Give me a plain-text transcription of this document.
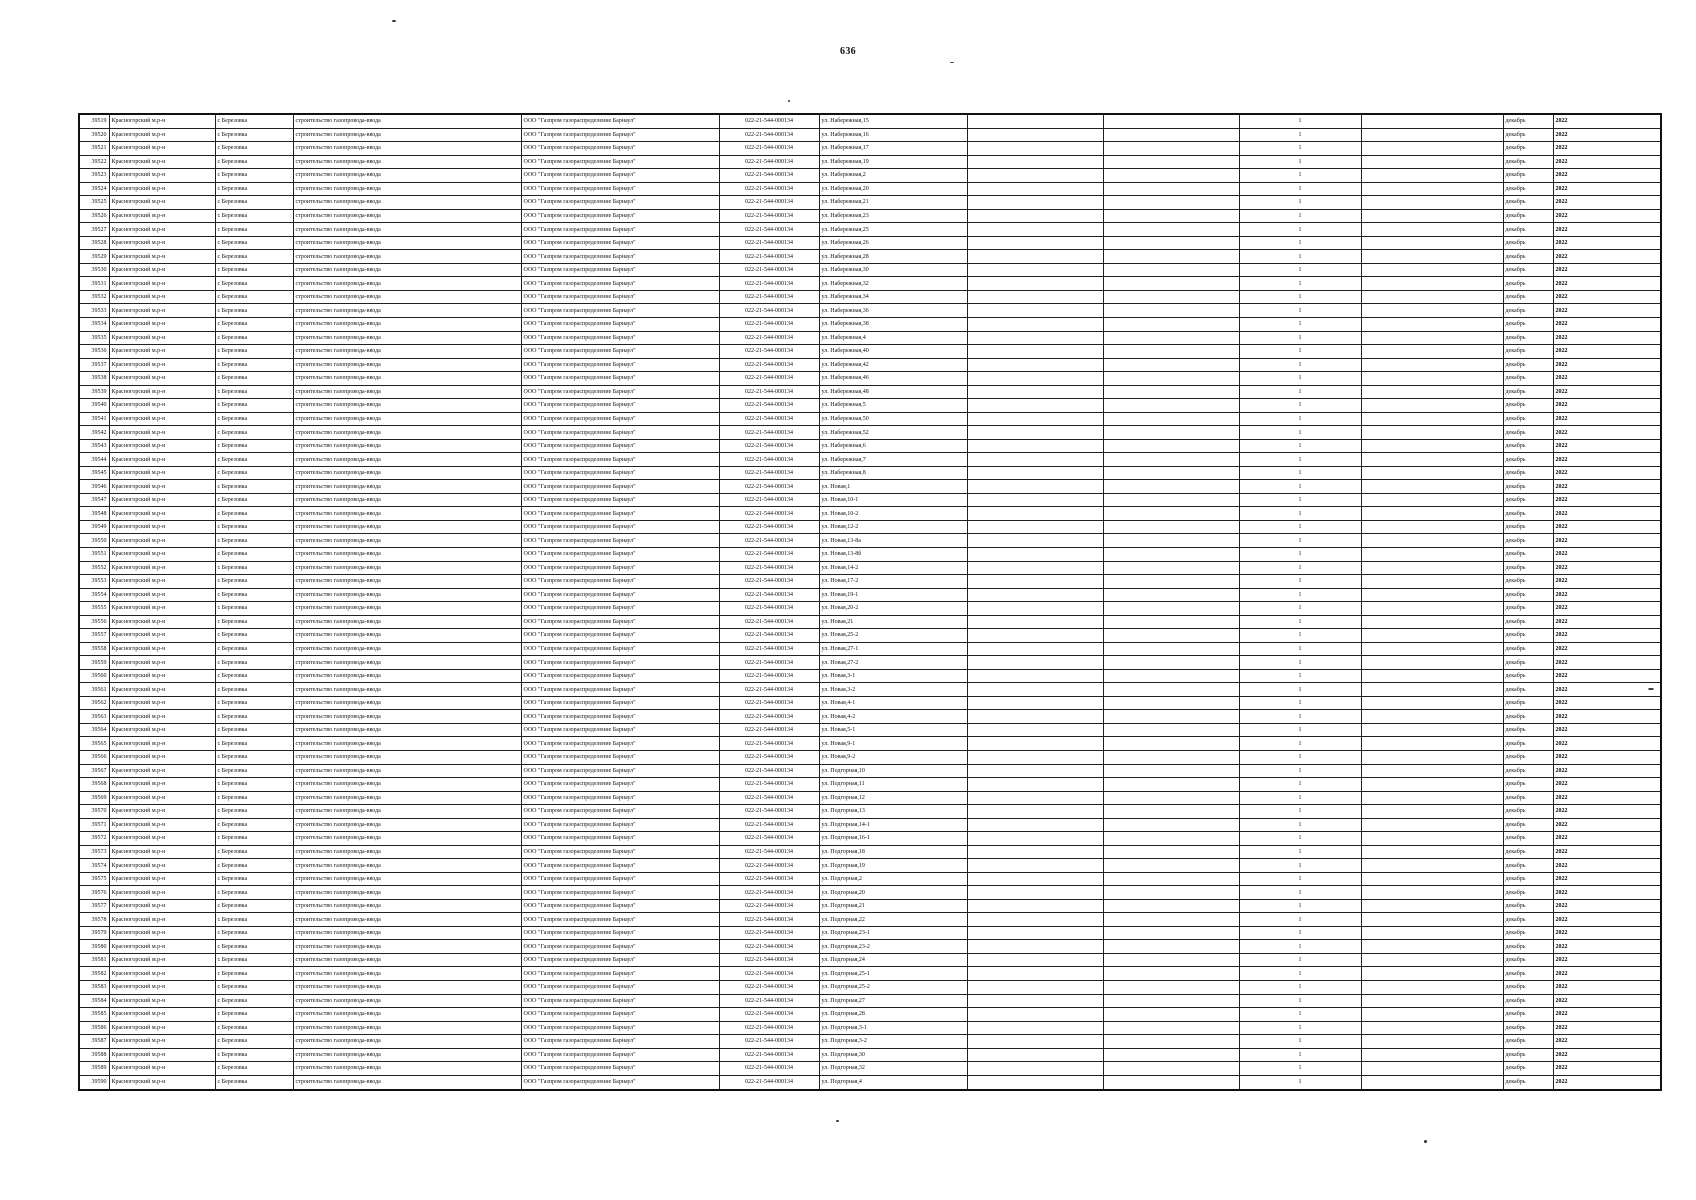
636
39519	Красногорский м.р-н	с Березовка	строительство газопровода-ввода	ООО "Газпром газораспределение Барнаул"	022-21-544-000134	ул. Набережная,15			1		декабрь	2022
39520	Красногорский м.р-н	с Березовка	строительство газопровода-ввода	ООО "Газпром газораспределение Барнаул"	022-21-544-000134	ул. Набережная,16			1		декабрь	2022
39521	Красногорский м.р-н	с Березовка	строительство газопровода-ввода	ООО "Газпром газораспределение Барнаул"	022-21-544-000134	ул. Набережная,17			1		декабрь	2022
39522	Красногорский м.р-н	с Березовка	строительство газопровода-ввода	ООО "Газпром газораспределение Барнаул"	022-21-544-000134	ул. Набережная,19			1		декабрь	2022
39523	Красногорский м.р-н	с Березовка	строительство газопровода-ввода	ООО "Газпром газораспределение Барнаул"	022-21-544-000134	ул. Набережная,2			1		декабрь	2022
39524	Красногорский м.р-н	с Березовка	строительство газопровода-ввода	ООО "Газпром газораспределение Барнаул"	022-21-544-000134	ул. Набережная,20			1		декабрь	2022
39525	Красногорский м.р-н	с Березовка	строительство газопровода-ввода	ООО "Газпром газораспределение Барнаул"	022-21-544-000134	ул. Набережная,21			1		декабрь	2022
39526	Красногорский м.р-н	с Березовка	строительство газопровода-ввода	ООО "Газпром газораспределение Барнаул"	022-21-544-000134	ул. Набережная,23			1		декабрь	2022
39527	Красногорский м.р-н	с Березовка	строительство газопровода-ввода	ООО "Газпром газораспределение Барнаул"	022-21-544-000134	ул. Набережная,25			1		декабрь	2022
39528	Красногорский м.р-н	с Березовка	строительство газопровода-ввода	ООО "Газпром газораспределение Барнаул"	022-21-544-000134	ул. Набережная,26			1		декабрь	2022
39529	Красногорский м.р-н	с Березовка	строительство газопровода-ввода	ООО "Газпром газораспределение Барнаул"	022-21-544-000134	ул. Набережная,28			1		декабрь	2022
39530	Красногорский м.р-н	с Березовка	строительство газопровода-ввода	ООО "Газпром газораспределение Барнаул"	022-21-544-000134	ул. Набережная,30			1		декабрь	2022
39531	Красногорский м.р-н	с Березовка	строительство газопровода-ввода	ООО "Газпром газораспределение Барнаул"	022-21-544-000134	ул. Набережная,32			1		декабрь	2022
39532	Красногорский м.р-н	с Березовка	строительство газопровода-ввода	ООО "Газпром газораспределение Барнаул"	022-21-544-000134	ул. Набережная,34			1		декабрь	2022
39533	Красногорский м.р-н	с Березовка	строительство газопровода-ввода	ООО "Газпром газораспределение Барнаул"	022-21-544-000134	ул. Набережная,36			1		декабрь	2022
39534	Красногорский м.р-н	с Березовка	строительство газопровода-ввода	ООО "Газпром газораспределение Барнаул"	022-21-544-000134	ул. Набережная,38			1		декабрь	2022
39535	Красногорский м.р-н	с Березовка	строительство газопровода-ввода	ООО "Газпром газораспределение Барнаул"	022-21-544-000134	ул. Набережная,4			1		декабрь	2022
39536	Красногорский м.р-н	с Березовка	строительство газопровода-ввода	ООО "Газпром газораспределение Барнаул"	022-21-544-000134	ул. Набережная,40			1		декабрь	2022
39537	Красногорский м.р-н	с Березовка	строительство газопровода-ввода	ООО "Газпром газораспределение Барнаул"	022-21-544-000134	ул. Набережная,42			1		декабрь	2022
39538	Красногорский м.р-н	с Березовка	строительство газопровода-ввода	ООО "Газпром газораспределение Барнаул"	022-21-544-000134	ул. Набережная,46			1		декабрь	2022
39539	Красногорский м.р-н	с Березовка	строительство газопровода-ввода	ООО "Газпром газораспределение Барнаул"	022-21-544-000134	ул. Набережная,48			1		декабрь	2022
39540	Красногорский м.р-н	с Березовка	строительство газопровода-ввода	ООО "Газпром газораспределение Барнаул"	022-21-544-000134	ул. Набережная,5			1		декабрь	2022
39541	Красногорский м.р-н	с Березовка	строительство газопровода-ввода	ООО "Газпром газораспределение Барнаул"	022-21-544-000134	ул. Набережная,50			1		декабрь	2022
39542	Красногорский м.р-н	с Березовка	строительство газопровода-ввода	ООО "Газпром газораспределение Барнаул"	022-21-544-000134	ул. Набережная,52			1		декабрь	2022
39543	Красногорский м.р-н	с Березовка	строительство газопровода-ввода	ООО "Газпром газораспределение Барнаул"	022-21-544-000134	ул. Набережная,6			1		декабрь	2022
39544	Красногорский м.р-н	с Березовка	строительство газопровода-ввода	ООО "Газпром газораспределение Барнаул"	022-21-544-000134	ул. Набережная,7			1		декабрь	2022
39545	Красногорский м.р-н	с Березовка	строительство газопровода-ввода	ООО "Газпром газораспределение Барнаул"	022-21-544-000134	ул. Набережная,8			1		декабрь	2022
39546	Красногорский м.р-н	с Березовка	строительство газопровода-ввода	ООО "Газпром газораспределение Барнаул"	022-21-544-000134	ул. Новая,1			1		декабрь	2022
39547	Красногорский м.р-н	с Березовка	строительство газопровода-ввода	ООО "Газпром газораспределение Барнаул"	022-21-544-000134	ул. Новая,10-1			1		декабрь	2022
39548	Красногорский м.р-н	с Березовка	строительство газопровода-ввода	ООО "Газпром газораспределение Барнаул"	022-21-544-000134	ул. Новая,10-2			1		декабрь	2022
39549	Красногорский м.р-н	с Березовка	строительство газопровода-ввода	ООО "Газпром газораспределение Барнаул"	022-21-544-000134	ул. Новая,12-2			1		декабрь	2022
39550	Красногорский м.р-н	с Березовка	строительство газопровода-ввода	ООО "Газпром газораспределение Барнаул"	022-21-544-000134	ул. Новая,13-8а			1		декабрь	2022
39551	Красногорский м.р-н	с Березовка	строительство газопровода-ввода	ООО "Газпром газораспределение Барнаул"	022-21-544-000134	ул. Новая,13-8б			1		декабрь	2022
39552	Красногорский м.р-н	с Березовка	строительство газопровода-ввода	ООО "Газпром газораспределение Барнаул"	022-21-544-000134	ул. Новая,14-2			1		декабрь	2022
39553	Красногорский м.р-н	с Березовка	строительство газопровода-ввода	ООО "Газпром газораспределение Барнаул"	022-21-544-000134	ул. Новая,17-2			1		декабрь	2022
39554	Красногорский м.р-н	с Березовка	строительство газопровода-ввода	ООО "Газпром газораспределение Барнаул"	022-21-544-000134	ул. Новая,19-1			1		декабрь	2022
39555	Красногорский м.р-н	с Березовка	строительство газопровода-ввода	ООО "Газпром газораспределение Барнаул"	022-21-544-000134	ул. Новая,20-2			1		декабрь	2022
39556	Красногорский м.р-н	с Березовка	строительство газопровода-ввода	ООО "Газпром газораспределение Барнаул"	022-21-544-000134	ул. Новая,21			1		декабрь	2022
39557	Красногорский м.р-н	с Березовка	строительство газопровода-ввода	ООО "Газпром газораспределение Барнаул"	022-21-544-000134	ул. Новая,25-2			1		декабрь	2022
39558	Красногорский м.р-н	с Березовка	строительство газопровода-ввода	ООО "Газпром газораспределение Барнаул"	022-21-544-000134	ул. Новая,27-1			1		декабрь	2022
39559	Красногорский м.р-н	с Березовка	строительство газопровода-ввода	ООО "Газпром газораспределение Барнаул"	022-21-544-000134	ул. Новая,27-2			1		декабрь	2022
39560	Красногорский м.р-н	с Березовка	строительство газопровода-ввода	ООО "Газпром газораспределение Барнаул"	022-21-544-000134	ул. Новая,3-1			1		декабрь	2022
39561	Красногорский м.р-н	с Березовка	строительство газопровода-ввода	ООО "Газпром газораспределение Барнаул"	022-21-544-000134	ул. Новая,3-2			1		декабрь	2022
39562	Красногорский м.р-н	с Березовка	строительство газопровода-ввода	ООО "Газпром газораспределение Барнаул"	022-21-544-000134	ул. Новая,4-1			1		декабрь	2022
39563	Красногорский м.р-н	с Березовка	строительство газопровода-ввода	ООО "Газпром газораспределение Барнаул"	022-21-544-000134	ул. Новая,4-2			1		декабрь	2022
39564	Красногорский м.р-н	с Березовка	строительство газопровода-ввода	ООО "Газпром газораспределение Барнаул"	022-21-544-000134	ул. Новая,5-1			1		декабрь	2022
39565	Красногорский м.р-н	с Березовка	строительство газопровода-ввода	ООО "Газпром газораспределение Барнаул"	022-21-544-000134	ул. Новая,9-1			1		декабрь	2022
39566	Красногорский м.р-н	с Березовка	строительство газопровода-ввода	ООО "Газпром газораспределение Барнаул"	022-21-544-000134	ул. Новая,9-2			1		декабрь	2022
39567	Красногорский м.р-н	с Березовка	строительство газопровода-ввода	ООО "Газпром газораспределение Барнаул"	022-21-544-000134	ул. Подгорная,10			1		декабрь	2022
39568	Красногорский м.р-н	с Березовка	строительство газопровода-ввода	ООО "Газпром газораспределение Барнаул"	022-21-544-000134	ул. Подгорная,11			1		декабрь	2022
39569	Красногорский м.р-н	с Березовка	строительство газопровода-ввода	ООО "Газпром газораспределение Барнаул"	022-21-544-000134	ул. Подгорная,12			1		декабрь	2022
39570	Красногорский м.р-н	с Березовка	строительство газопровода-ввода	ООО "Газпром газораспределение Барнаул"	022-21-544-000134	ул. Подгорная,13			1		декабрь	2022
39571	Красногорский м.р-н	с Березовка	строительство газопровода-ввода	ООО "Газпром газораспределение Барнаул"	022-21-544-000134	ул. Подгорная,14-1			1		декабрь	2022
39572	Красногорский м.р-н	с Березовка	строительство газопровода-ввода	ООО "Газпром газораспределение Барнаул"	022-21-544-000134	ул. Подгорная,16-1			1		декабрь	2022
39573	Красногорский м.р-н	с Березовка	строительство газопровода-ввода	ООО "Газпром газораспределение Барнаул"	022-21-544-000134	ул. Подгорная,18			1		декабрь	2022
39574	Красногорский м.р-н	с Березовка	строительство газопровода-ввода	ООО "Газпром газораспределение Барнаул"	022-21-544-000134	ул. Подгорная,19			1		декабрь	2022
39575	Красногорский м.р-н	с Березовка	строительство газопровода-ввода	ООО "Газпром газораспределение Барнаул"	022-21-544-000134	ул. Подгорная,2			1		декабрь	2022
39576	Красногорский м.р-н	с Березовка	строительство газопровода-ввода	ООО "Газпром газораспределение Барнаул"	022-21-544-000134	ул. Подгорная,20			1		декабрь	2022
39577	Красногорский м.р-н	с Березовка	строительство газопровода-ввода	ООО "Газпром газораспределение Барнаул"	022-21-544-000134	ул. Подгорная,21			1		декабрь	2022
39578	Красногорский м.р-н	с Березовка	строительство газопровода-ввода	ООО "Газпром газораспределение Барнаул"	022-21-544-000134	ул. Подгорная,22			1		декабрь	2022
39579	Красногорский м.р-н	с Березовка	строительство газопровода-ввода	ООО "Газпром газораспределение Барнаул"	022-21-544-000134	ул. Подгорная,23-1			1		декабрь	2022
39580	Красногорский м.р-н	с Березовка	строительство газопровода-ввода	ООО "Газпром газораспределение Барнаул"	022-21-544-000134	ул. Подгорная,23-2			1		декабрь	2022
39581	Красногорский м.р-н	с Березовка	строительство газопровода-ввода	ООО "Газпром газораспределение Барнаул"	022-21-544-000134	ул. Подгорная,24			1		декабрь	2022
39582	Красногорский м.р-н	с Березовка	строительство газопровода-ввода	ООО "Газпром газораспределение Барнаул"	022-21-544-000134	ул. Подгорная,25-1			1		декабрь	2022
39583	Красногорский м.р-н	с Березовка	строительство газопровода-ввода	ООО "Газпром газораспределение Барнаул"	022-21-544-000134	ул. Подгорная,25-2			1		декабрь	2022
39584	Красногорский м.р-н	с Березовка	строительство газопровода-ввода	ООО "Газпром газораспределение Барнаул"	022-21-544-000134	ул. Подгорная,27			1		декабрь	2022
39585	Красногорский м.р-н	с Березовка	строительство газопровода-ввода	ООО "Газпром газораспределение Барнаул"	022-21-544-000134	ул. Подгорная,28			1		декабрь	2022
39586	Красногорский м.р-н	с Березовка	строительство газопровода-ввода	ООО "Газпром газораспределение Барнаул"	022-21-544-000134	ул. Подгорная,3-1			1		декабрь	2022
39587	Красногорский м.р-н	с Березовка	строительство газопровода-ввода	ООО "Газпром газораспределение Барнаул"	022-21-544-000134	ул. Подгорная,3-2			1		декабрь	2022
39588	Красногорский м.р-н	с Березовка	строительство газопровода-ввода	ООО "Газпром газораспределение Барнаул"	022-21-544-000134	ул. Подгорная,30			1		декабрь	2022
39589	Красногорский м.р-н	с Березовка	строительство газопровода-ввода	ООО "Газпром газораспределение Барнаул"	022-21-544-000134	ул. Подгорная,32			1		декабрь	2022
39590	Красногорский м.р-н	с Березовка	строительство газопровода-ввода	ООО "Газпром газораспределение Барнаул"	022-21-544-000134	ул. Подгорная,4			1		декабрь	2022
